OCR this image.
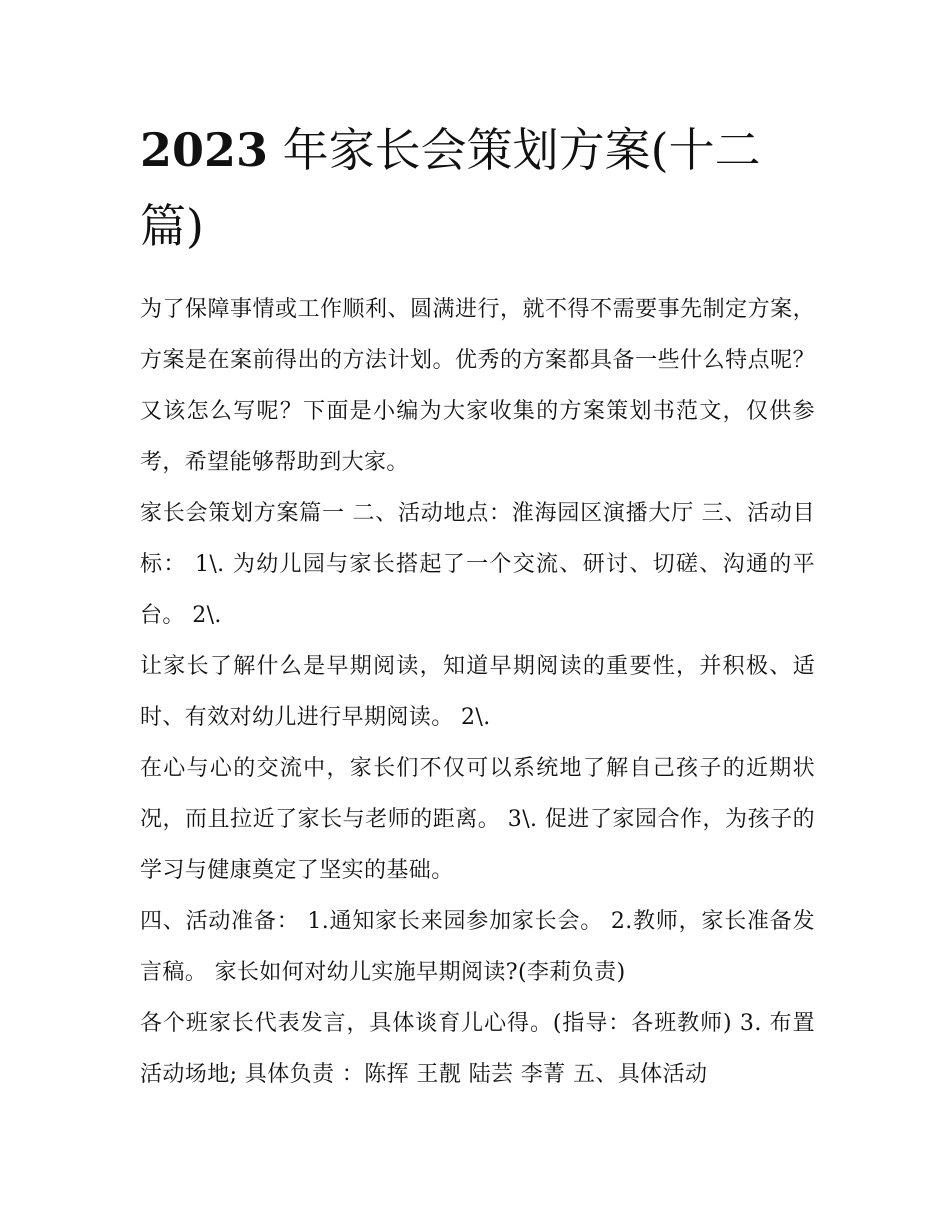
2023 年家长会策划方案(十二篇)

为了保障事情或工作顺利、圆满进行，就不得不需要事先制定方案，方案是在案前得出的方法计划。优秀的方案都具备一些什么特点呢？又该怎么写呢？下面是小编为大家收集的方案策划书范文，仅供参考，希望能够帮助到大家。

家长会策划方案篇一 二、活动地点：淮海园区演播大厅 三、活动目标： 1\. 为幼儿园与家长搭起了一个交流、研讨、切磋、沟通的平台。 2\.

让家长了解什么是早期阅读，知道早期阅读的重要性，并积极、适时、有效对幼儿进行早期阅读。 2\.

在心与心的交流中，家长们不仅可以系统地了解自己孩子的近期状况，而且拉近了家长与老师的距离。 3\. 促进了家园合作，为孩子的学习与健康奠定了坚实的基础。

四、活动准备： 1.通知家长来园参加家长会。 2.教师，家长准备发言稿。 家长如何对幼儿实施早期阅读?(李莉负责)

各个班家长代表发言，具体谈育儿心得。(指导：各班教师) 3. 布置活动场地; 具体负责 ：陈挥 王靓 陆芸 李菁 五、具体活动
